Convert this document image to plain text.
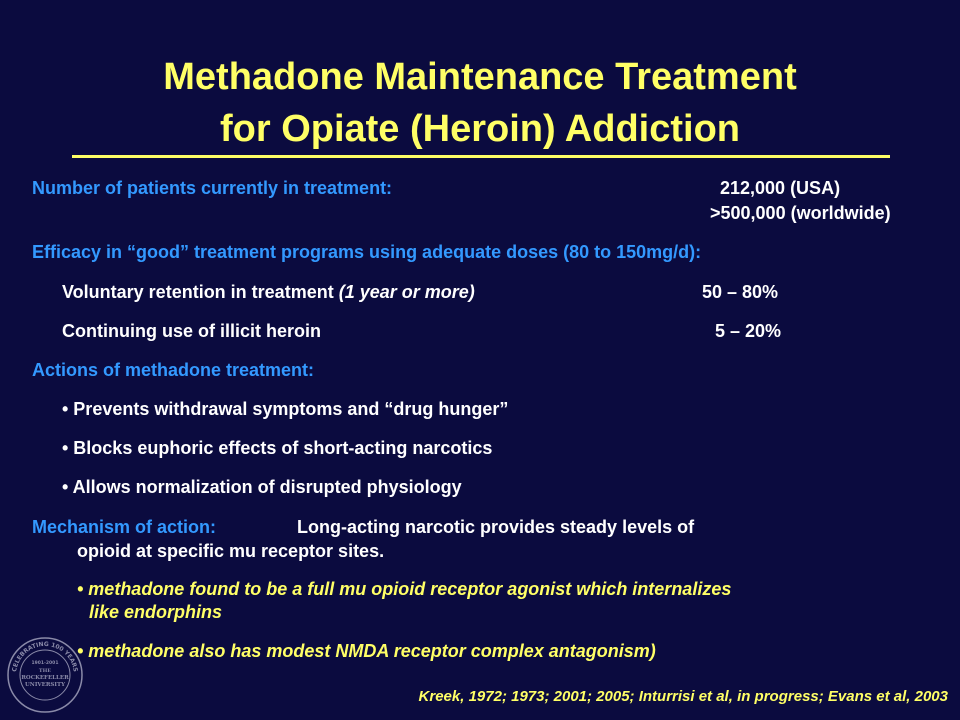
Methadone Maintenance Treatment
for Opiate (Heroin) Addiction
Number of patients currently in treatment:	212,000 (USA)
>500,000 (worldwide)
Efficacy in “good” treatment programs using adequate doses (80 to 150mg/d):
Voluntary retention in treatment (1 year or more)	50 – 80%
Continuing use of illicit heroin	5 – 20%
Actions of methadone treatment:
• Prevents withdrawal symptoms and “drug hunger”
• Blocks euphoric effects of short-acting narcotics
• Allows normalization of disrupted physiology
Mechanism of action:	Long-acting narcotic provides steady levels of
opioid at specific mu receptor sites.
• methadone found to be a full mu opioid receptor agonist which internalizes
like endorphins
• methadone also has modest NMDA receptor complex antagonism)
CELEBRATING 100 YEARS
1901-2001
THE
ROCKEFELLER
UNIVERSITY
Kreek, 1972; 1973; 2001; 2005; Inturrisi et al, in progress; Evans et al, 2003
